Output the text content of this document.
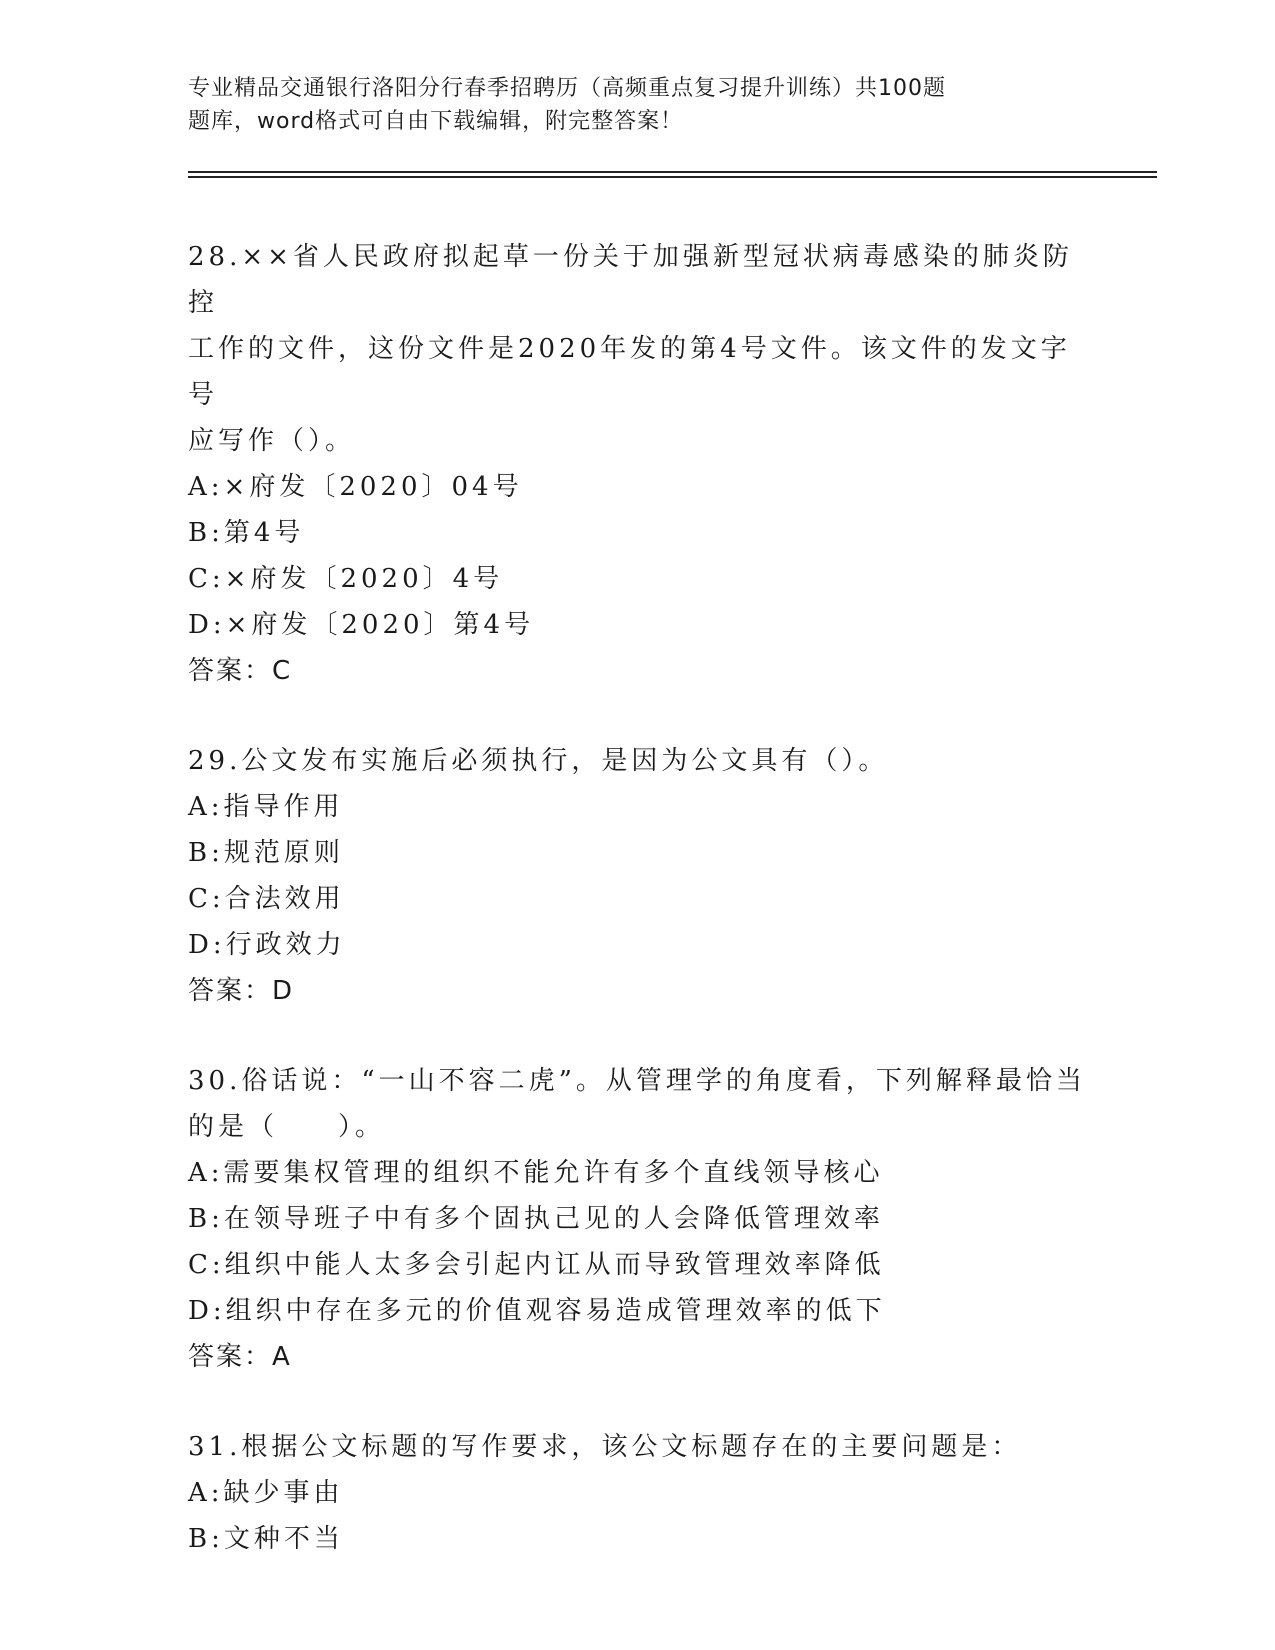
专业精品交通银行洛阳分行春季招聘历（高频重点复习提升训练）共100题
题库，word格式可自由下载编辑，附完整答案！

28.××省人民政府拟起草一份关于加强新型冠状病毒感染的肺炎防控

工作的文件，这份文件是2020年发的第4号文件。该文件的发文字号

应写作（）。

A:×府发〔2020〕04号

B:第4号

C:×府发〔2020〕4号

D:×府发〔2020〕第4号

答案：C

29.公文发布实施后必须执行，是因为公文具有（）。

A:指导作用

B:规范原则

C:合法效用

D:行政效力

答案：D

30.俗话说：“一山不容二虎”。从管理学的角度看，下列解释最恰当

的是（　　）。

A:需要集权管理的组织不能允许有多个直线领导核心

B:在领导班子中有多个固执己见的人会降低管理效率

C:组织中能人太多会引起内讧从而导致管理效率降低

D:组织中存在多元的价值观容易造成管理效率的低下

答案：A

31.根据公文标题的写作要求，该公文标题存在的主要问题是：

A:缺少事由

B:文种不当
